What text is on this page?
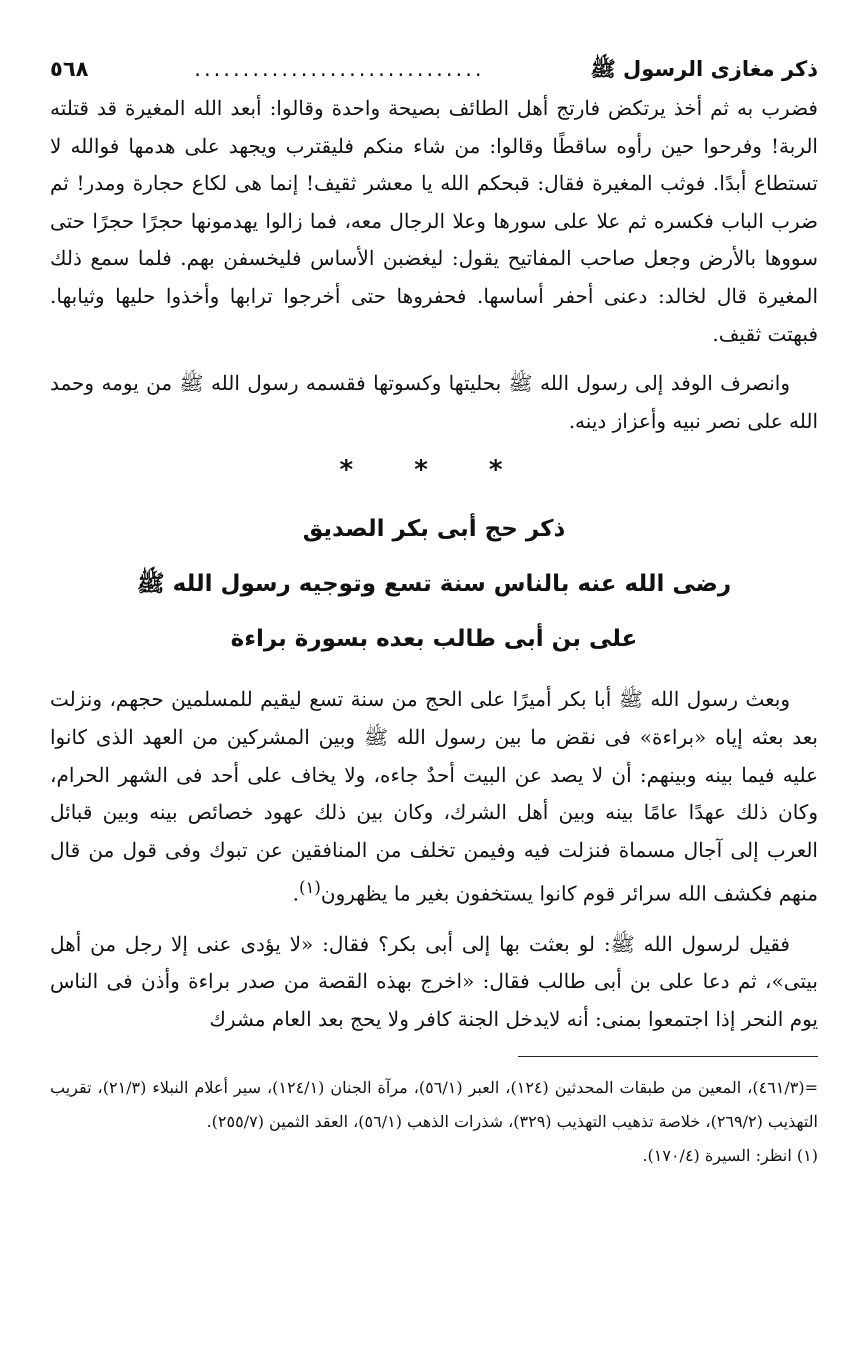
ذكر مغازى الرسول ﷺ
..............................
٥٦٨

فضرب به ثم أخذ يرتكض فارتج أهل الطائف بصيحة واحدة وقالوا: أبعد الله المغيرة قد قتلته الربة! وفرحوا حين رأوه ساقطًا وقالوا: من شاء منكم فليقترب ويجهد على هدمها فوالله لا تستطاع أبدًا. فوثب المغيرة فقال: قبحكم الله يا معشر ثقيف! إنما هى لكاع حجارة ومدر! ثم ضرب الباب فكسره ثم علا على سورها وعلا الرجال معه، فما زالوا يهدمونها حجرًا حجرًا حتى سووها بالأرض وجعل صاحب المفاتيح يقول: ليغضبن الأساس فليخسفن بهم. فلما سمع ذلك المغيرة قال لخالد: دعنى أحفر أساسها. فحفروها حتى أخرجوا ترابها وأخذوا حليها وثيابها. فبهتت ثقيف.

وانصرف الوفد إلى رسول الله ﷺ بحليتها وكسوتها فقسمه رسول الله ﷺ من يومه وحمد الله على نصر نبيه وأعزاز دينه.

* * *
ذكر حج أبى بكر الصديق
رضى الله عنه بالناس سنة تسع وتوجيه رسول الله ﷺ
على بن أبى طالب بعده بسورة براءة

وبعث رسول الله ﷺ أبا بكر أميرًا على الحج من سنة تسع ليقيم للمسلمين حجهم، ونزلت بعد بعثه إياه «براءة» فى نقض ما بين رسول الله ﷺ وبين المشركين من العهد الذى كانوا عليه فيما بينه وبينهم: أن لا يصد عن البيت أحدٌ جاءه، ولا يخاف على أحد فى الشهر الحرام، وكان ذلك عهدًا عامًا بينه وبين أهل الشرك، وكان بين ذلك عهود خصائص بينه وبين قبائل العرب إلى آجال مسماة فنزلت فيه وفيمن تخلف من المنافقين عن تبوك وفى قول من قال منهم فكشف الله سرائر قوم كانوا يستخفون بغير ما يظهرون$^{(١)}$.

فقيل لرسول الله ﷺ: لو بعثت بها إلى أبى بكر؟ فقال: «لا يؤدى عنى إلا رجل من أهل بيتى»، ثم دعا على بن أبى طالب فقال: «اخرج بهذه القصة من صدر براءة وأذن فى الناس يوم النحر إذا اجتمعوا بمنى: أنه لايدخل الجنة كافر ولا يحج بعد العام مشرك

=(٤٦١/٣)، المعين من طبقات المحدثين (١٢٤)، العبر (٥٦/١)، مرآة الجنان (١٢٤/١)، سير أعلام النبلاء (٢١/٣)، تقريب التهذيب (٢٦٩/٢)، خلاصة تذهيب التهذيب (٣٢٩)، شذرات الذهب (٥٦/١)، العقد الثمين (٢٥٥/٧).

(١) انظر: السيرة (١٧٠/٤).
